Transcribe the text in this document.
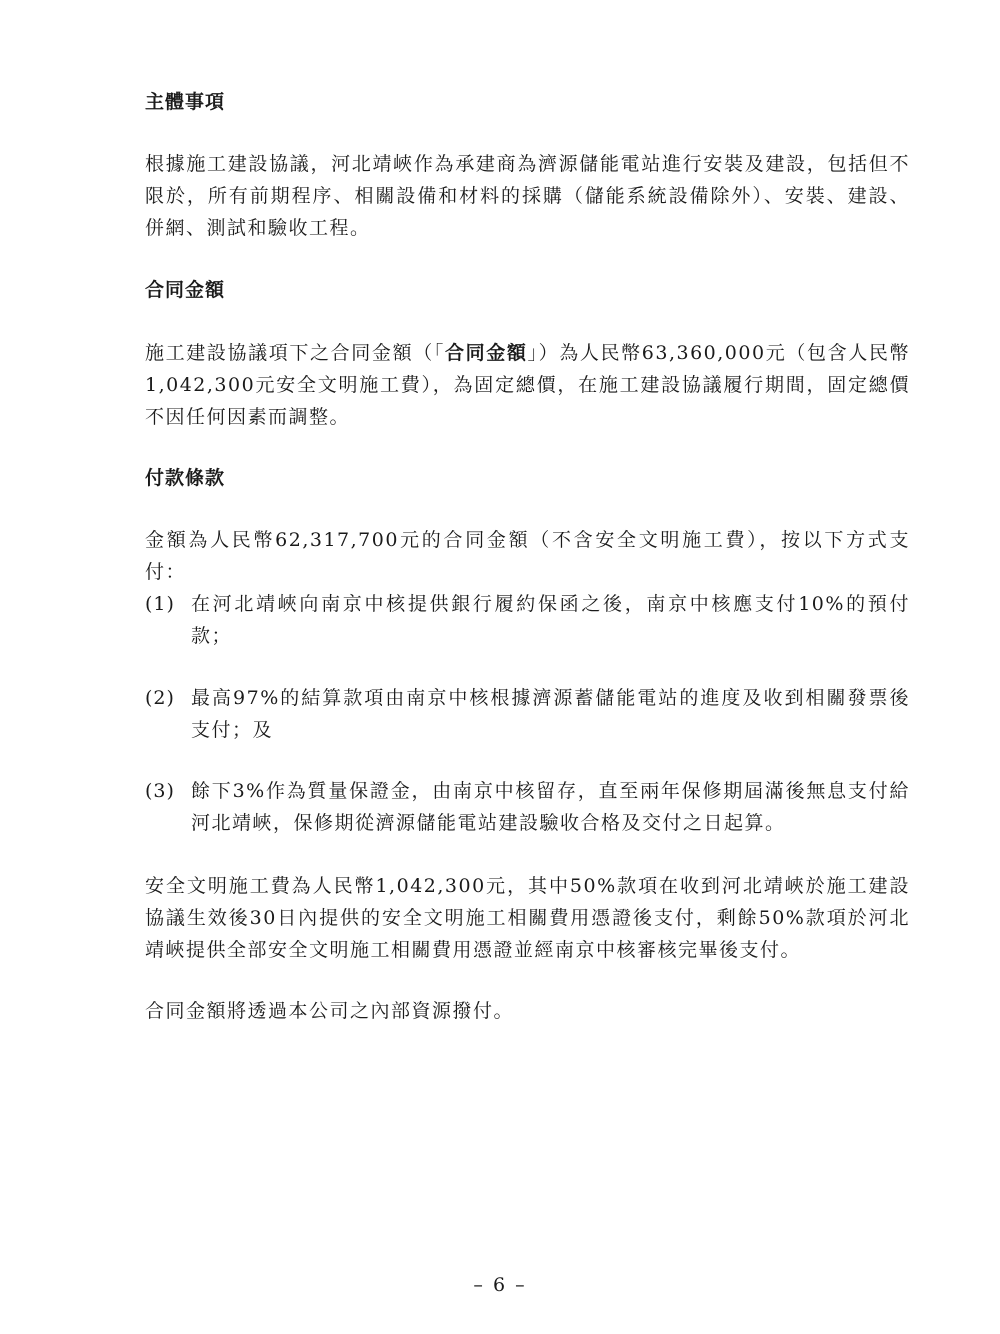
主體事項

根據施工建設協議，河北靖峽作為承建商為濟源儲能電站進行安裝及建設，包括但不限於，所有前期程序、相關設備和材料的採購（儲能系統設備除外）、安裝、建設、併網、測試和驗收工程。

合同金額

施工建設協議項下之合同金額（「合同金額」）為人民幣63,360,000元（包含人民幣1,042,300元安全文明施工費），為固定總價，在施工建設協議履行期間，固定總價不因任何因素而調整。

付款條款

金額為人民幣62,317,700元的合同金額（不含安全文明施工費），按以下方式支付：

(1) 在河北靖峽向南京中核提供銀行履約保函之後，南京中核應支付10%的預付款；
(2) 最高97%的結算款項由南京中核根據濟源蓄儲能電站的進度及收到相關發票後支付；及
(3) 餘下3%作為質量保證金，由南京中核留存，直至兩年保修期屆滿後無息支付給河北靖峽，保修期從濟源儲能電站建設驗收合格及交付之日起算。

安全文明施工費為人民幣1,042,300元，其中50%款項在收到河北靖峽於施工建設協議生效後30日內提供的安全文明施工相關費用憑證後支付，剩餘50%款項於河北靖峽提供全部安全文明施工相關費用憑證並經南京中核審核完畢後支付。

合同金額將透過本公司之內部資源撥付。

– 6 –
